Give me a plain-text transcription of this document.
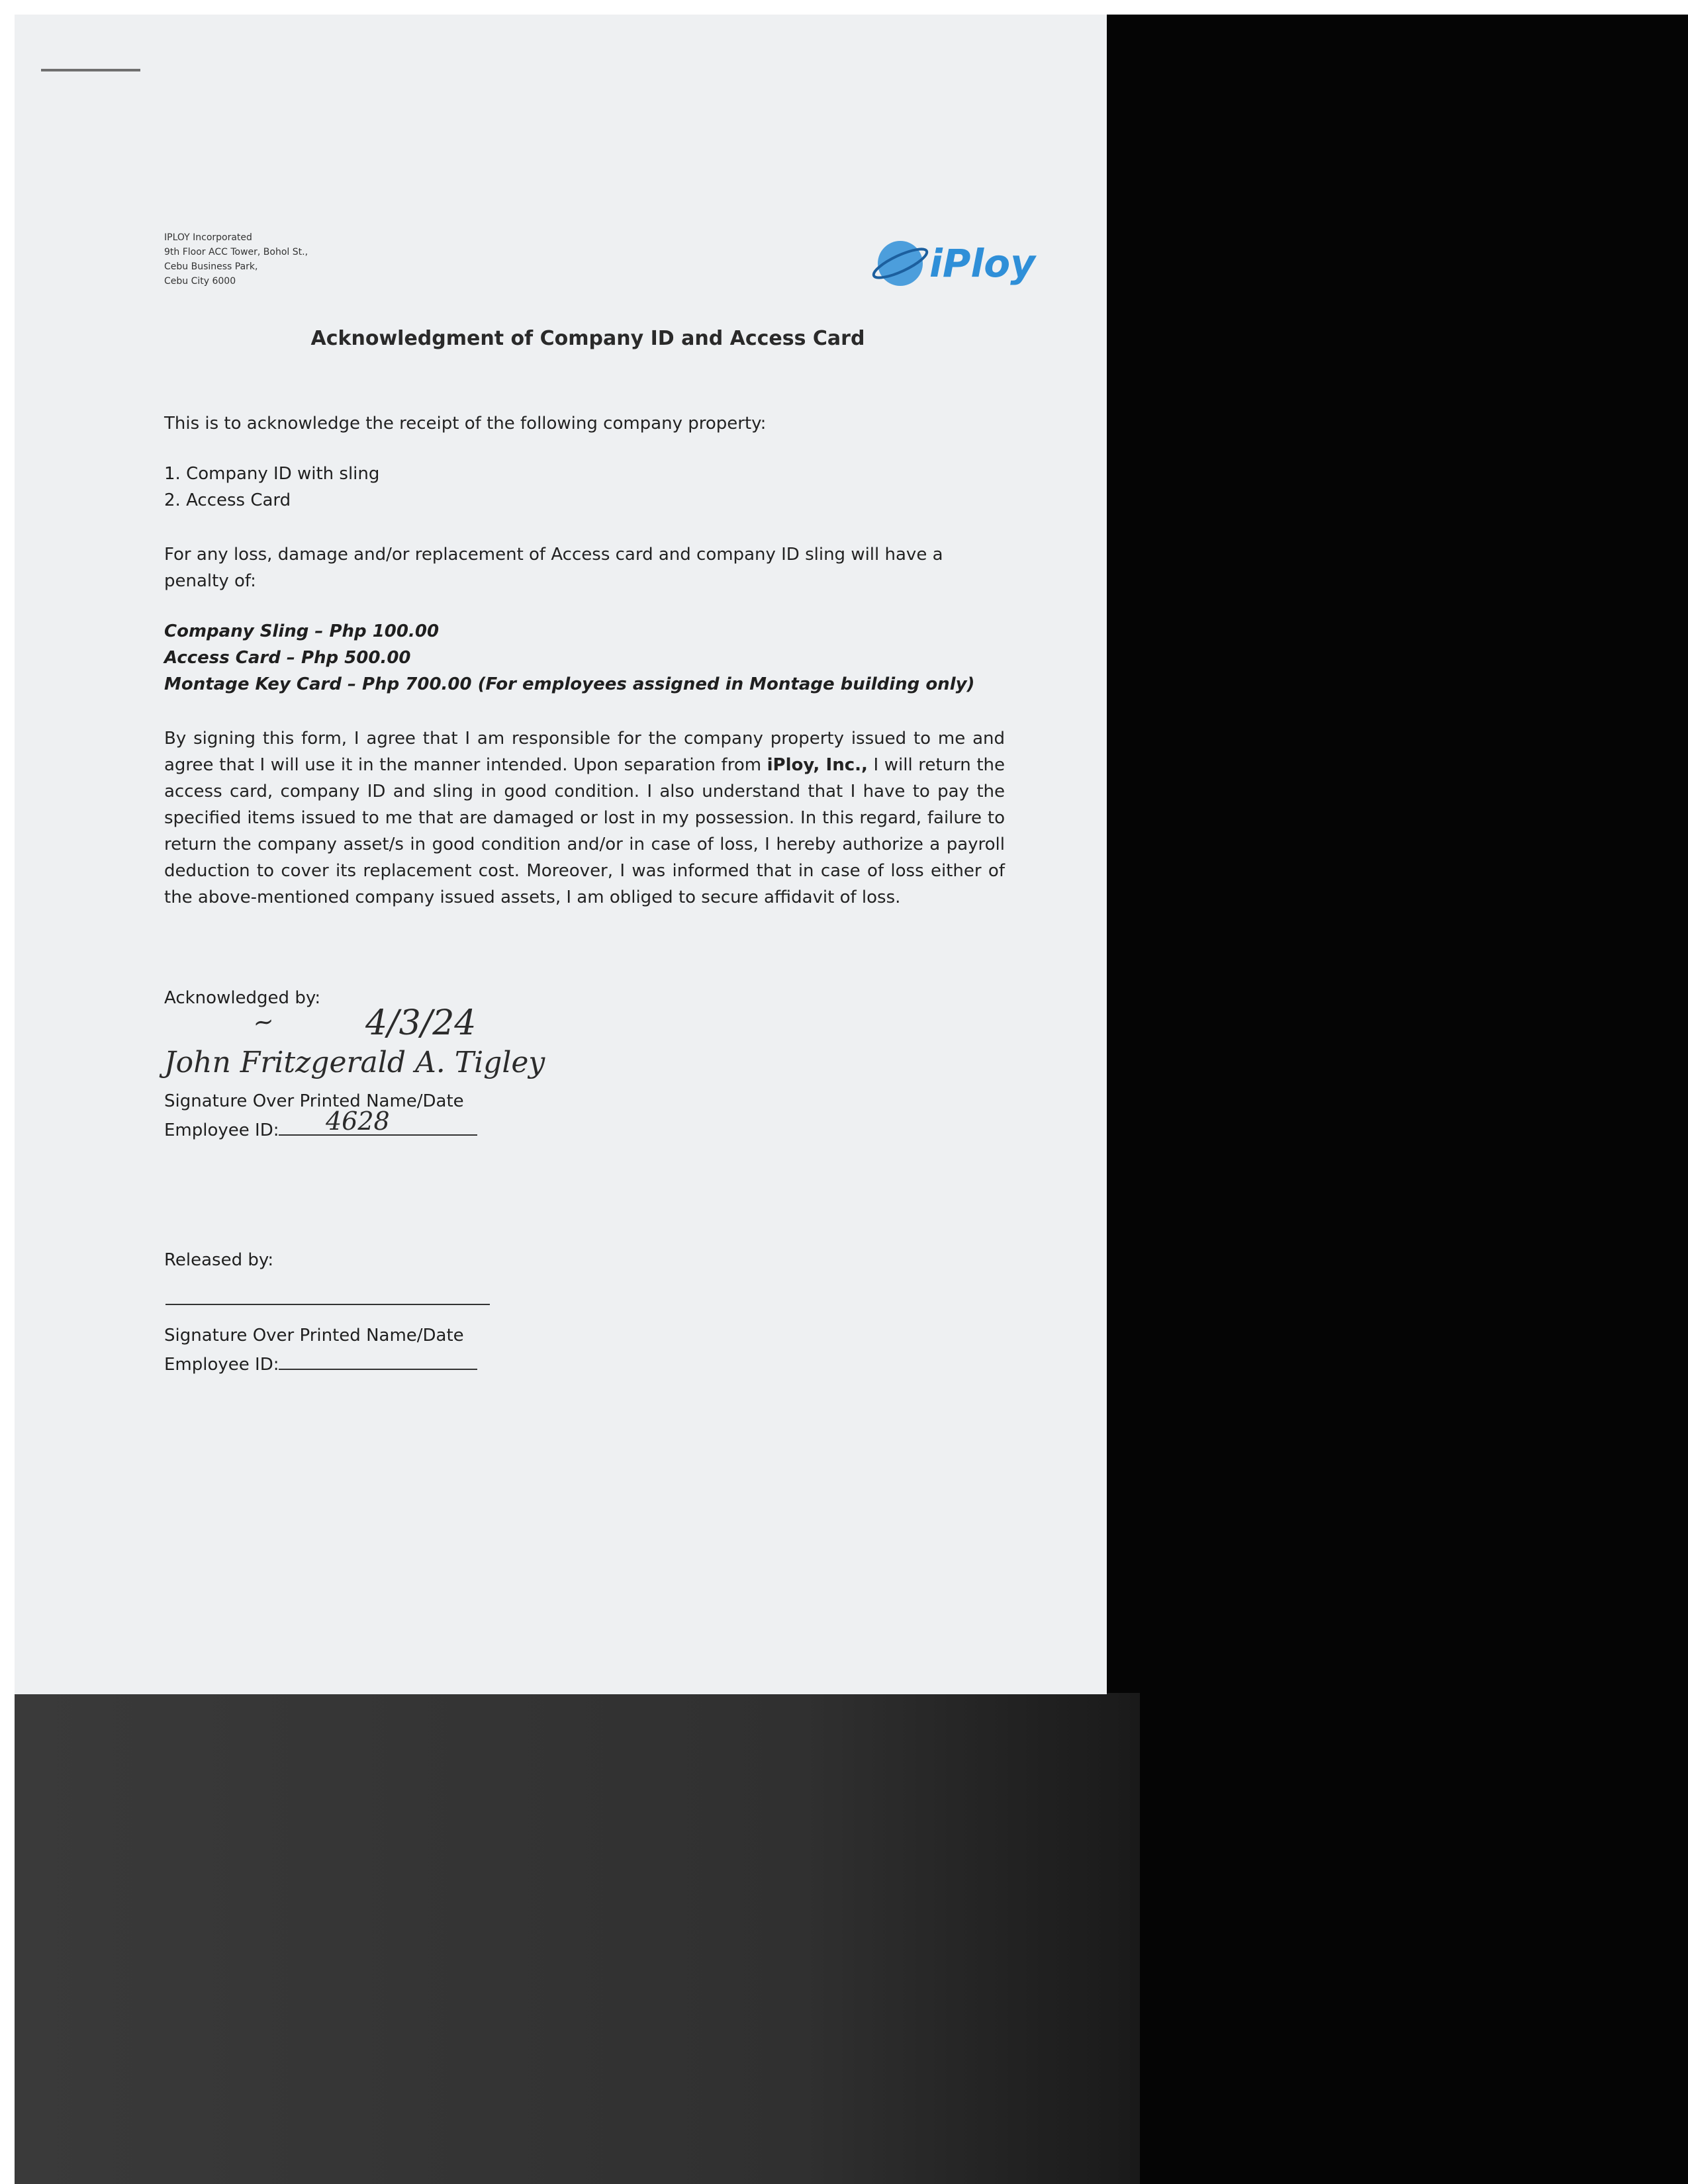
IPLOY Incorporated
9th Floor ACC Tower, Bohol St.,
Cebu Business Park,
Cebu City 6000	iPloy
Acknowledgment of Company ID and Access Card
This is to acknowledge the receipt of the following company property:
1. Company ID with sling
2. Access Card
For any loss, damage and/or replacement of Access card and company ID sling will have a penalty of:
Company Sling – Php 100.00
Access Card – Php 500.00
Montage Key Card – Php 700.00 (For employees assigned in Montage building only)
By signing this form, I agree that I am responsible for the company property issued to me and agree that I will use it in the manner intended. Upon separation from iPloy, Inc., I will return the access card, company ID and sling in good condition. I also understand that I have to pay the specified items issued to me that are damaged or lost in my possession. In this regard, failure to return the company asset/s in good condition and/or in case of loss, I hereby authorize a payroll deduction to cover its replacement cost. Moreover, I was informed that in case of loss either of the above-mentioned company issued assets, I am obliged to secure affidavit of loss.
Acknowledged by:
~	4/3/24
John Fritzgerald A. Tigley
Signature Over Printed Name/Date
Employee ID:	4628
Released by:
Signature Over Printed Name/Date
Employee ID:
